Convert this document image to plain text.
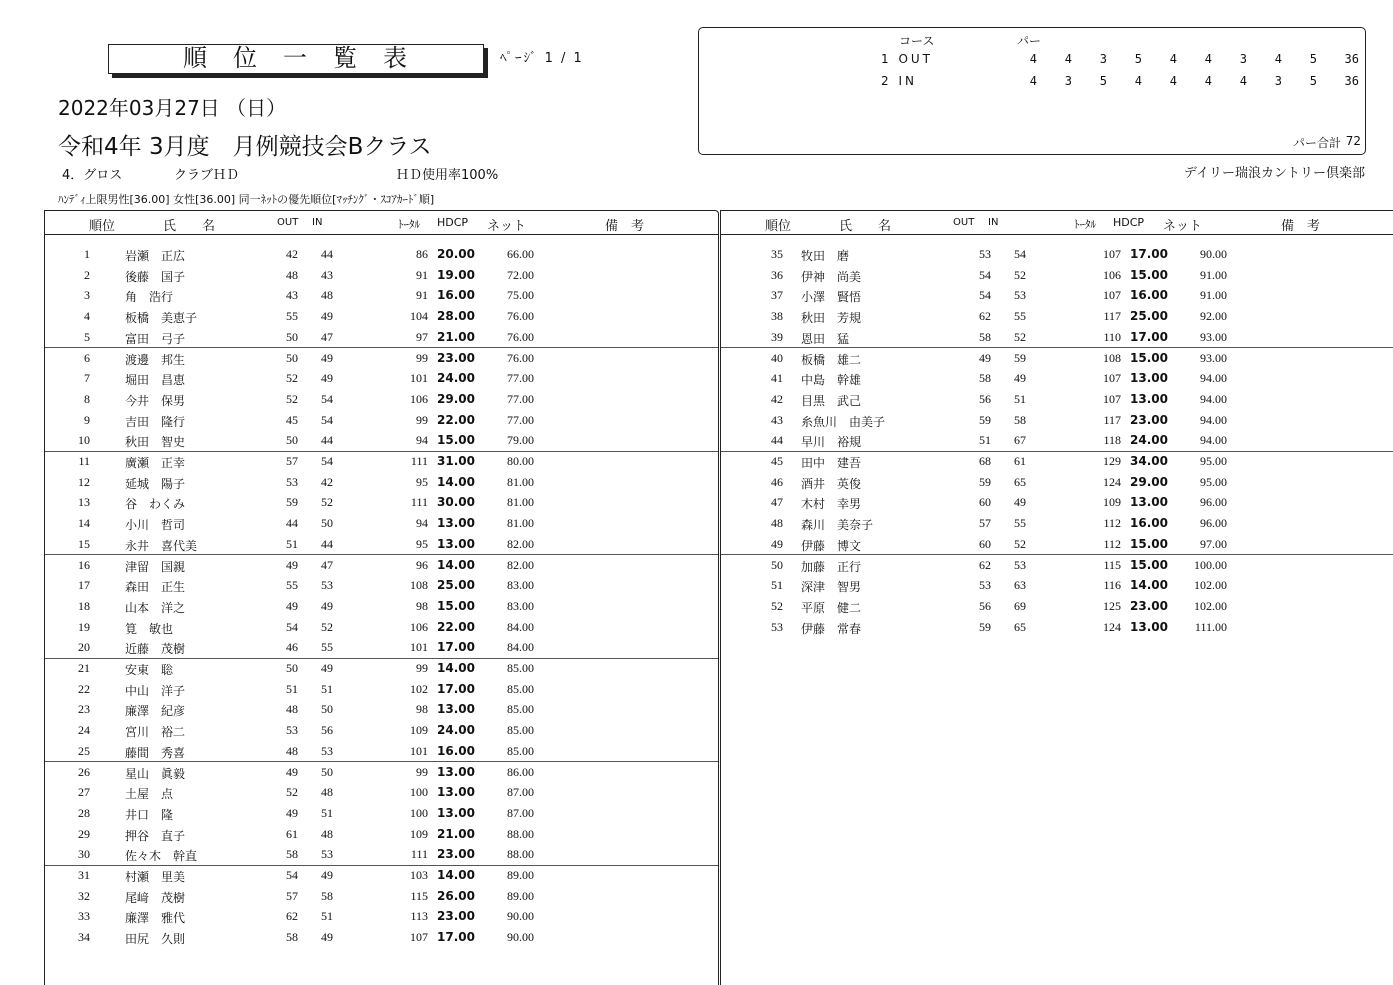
順位一覧表	ﾍﾟｰｼﾞ 1 / 1
2022年03月27日 （日）
令和4年 3月度　月例競技会Bクラス
4．グロス	クラブＨＤ	ＨＤ使用率100%	デイリー瑞浪カントリー倶楽部
ﾊﾝﾃﾞｨ上限男性[36.00] 女性[36.00] 同一ﾈｯﾄの優先順位[ﾏｯﾁﾝｸﾞ・ｽｺｱｶｰﾄﾞ順]
コース	パー
パー合計 72
1 OUT	4	4	3	5	4	4	3	4	5 36
2 IN	4	3	5	4	4	4	4	3	5 36
順位	氏　　名	OUT IN	ﾄｰﾀﾙ HDCP ネット	備　考
1	岩瀬　正広	42	44	86 20.00	66.00
2	後藤　国子	48	43	91 19.00	72.00
3	角　浩行	43	48	91 16.00	75.00
4	板橋　美恵子	55	49	104 28.00	76.00
5	富田　弓子	50	47	97 21.00	76.00
6	渡邊　邦生	50	49	99 23.00	76.00
7	堀田　昌恵	52	49	101 24.00	77.00
8	今井　保男	52	54	106 29.00	77.00
9	吉田　隆行	45	54	99 22.00	77.00
10	秋田　智史	50	44	94 15.00	79.00
11	廣瀬　正幸	57	54	111 31.00	80.00
12	延城　陽子	53	42	95 14.00	81.00
13	谷　わくみ	59	52	111 30.00	81.00
14	小川　哲司	44	50	94 13.00	81.00
15	永井　喜代美	51	44	95 13.00	82.00
16	津留　国親	49	47	96 14.00	82.00
17	森田　正生	55	53	108 25.00	83.00
18	山本　洋之	49	49	98 15.00	83.00
19	筧　敏也	54	52	106 22.00	84.00
20	近藤　茂樹	46	55	101 17.00	84.00
21	安東　聡	50	49	99 14.00	85.00
22	中山　洋子	51	51	102 17.00	85.00
23	廉澤　紀彦	48	50	98 13.00	85.00
24	宮川　裕二	53	56	109 24.00	85.00
25	藤間　秀喜	48	53	101 16.00	85.00
26	星山　眞毅	49	50	99 13.00	86.00
27	土屋　点	52	48	100 13.00	87.00
28	井口　隆	49	51	100 13.00	87.00
29	押谷　直子	61	48	109 21.00	88.00
30	佐々木　幹直	58	53	111 23.00	88.00
31	村瀬　里美	54	49	103 14.00	89.00
32	尾﨑　茂樹	57	58	115 26.00	89.00
33	廉澤　雅代	62	51	113 23.00	90.00
34	田尻　久則	58	49	107 17.00	90.00
順位	氏　　名	OUT IN	ﾄｰﾀﾙ HDCP ネット	備　考
35 牧田　磨	53	54	107 17.00	90.00
36 伊神　尚美	54	52	106 15.00	91.00
37 小澤　賢悟	54	53	107 16.00	91.00
38 秋田　芳規	62	55	117 25.00	92.00
39 恩田　猛	58	52	110 17.00	93.00
40 板橋　雄二	49	59	108 15.00	93.00
41 中島　幹雄	58	49	107 13.00	94.00
42 目黒　武己	56	51	107 13.00	94.00
43 糸魚川　由美子	59	58	117 23.00	94.00
44 早川　裕規	51	67	118 24.00	94.00
45 田中　建吾	68	61	129 34.00	95.00
46 酒井　英俊	59	65	124 29.00	95.00
47 木村　幸男	60	49	109 13.00	96.00
48 森川　美奈子	57	55	112 16.00	96.00
49 伊藤　博文	60	52	112 15.00	97.00
50 加藤　正行	62	53	115 15.00	100.00
51 深津　智男	53	63	116 14.00	102.00
52 平原　健二	56	69	125 23.00	102.00
53 伊藤　常春	59	65	124 13.00	111.00
